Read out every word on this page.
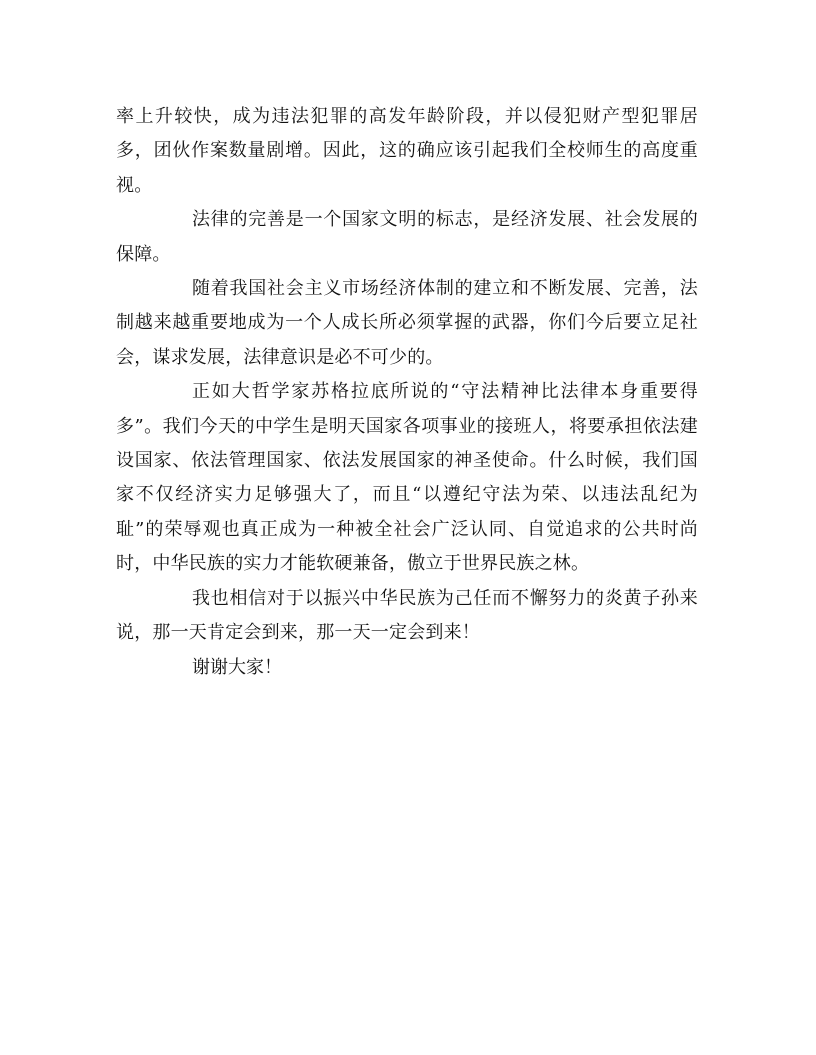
率上升较快，成为违法犯罪的高发年龄阶段，并以侵犯财产型犯罪居多，团伙作案数量剧增。因此，这的确应该引起我们全校师生的高度重视。

法律的完善是一个国家文明的标志，是经济发展、社会发展的保障。

随着我国社会主义市场经济体制的建立和不断发展、完善，法制越来越重要地成为一个人成长所必须掌握的武器，你们今后要立足社会，谋求发展，法律意识是必不可少的。

正如大哲学家苏格拉底所说的“守法精神比法律本身重要得多”。我们今天的中学生是明天国家各项事业的接班人，将要承担依法建设国家、依法管理国家、依法发展国家的神圣使命。什么时候，我们国家不仅经济实力足够强大了，而且“以遵纪守法为荣、以违法乱纪为耻”的荣辱观也真正成为一种被全社会广泛认同、自觉追求的公共时尚时，中华民族的实力才能软硬兼备，傲立于世界民族之林。

我也相信对于以振兴中华民族为己任而不懈努力的炎黄子孙来说，那一天肯定会到来，那一天一定会到来！

谢谢大家！
